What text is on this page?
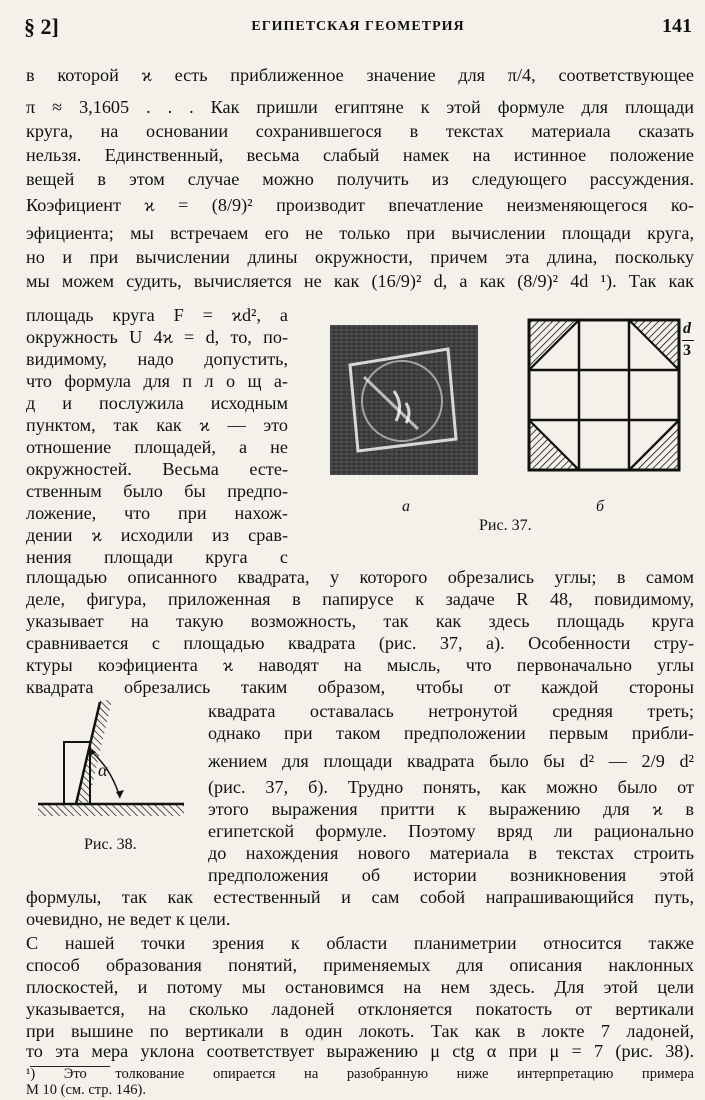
§ 2]	ЕГИПЕТСКАЯ ГЕОМЕТРИЯ	141
в которой ϰ есть приближенное значение для π/4, соответствующее
π ≈ 3,1605 . . . Как пришли египтяне к этой формуле для площади
круга, на основании сохранившегося в текстах материала сказать
нельзя. Единственный, весьма слабый намек на истинное положение
вещей в этом случае можно получить из следующего рассуждения.
Коэфициент ϰ = (8/9)² производит впечатление неизменяющегося ко-
эфициента; мы встречаем его не только при вычислении площади круга,
но и при вычислении длины окружности, причем эта длина, поскольку
мы можем судить, вычисляется не как (16/9)² d, а как (8/9)² 4d ¹). Так как
площадь круга F = ϰd², а
окружность U 4ϰ = d, то, по-
видимому, надо допустить,
что формула для п л о щ а-
д и послужила исходным
пунктом, так как ϰ — это
отношение площадей, а не
окружностей. Весьма есте-
ственным было бы предпо-
ложение, что при нахож-
дении ϰ исходили из срав-
нения площади круга с
а
d
3
б
Рис. 37.
площадью описанного квадрата, у которого обрезались углы; в самом
деле, фигура, приложенная в папирусе к задаче R 48, повидимому,
указывает на такую возможность, так как здесь площадь круга
сравнивается с площадью квадрата (рис. 37, а). Особенности стру-
ктуры коэфициента ϰ наводят на мысль, что первоначально углы
квадрата обрезались таким образом, чтобы от каждой стороны
α
Рис. 38.
квадрата оставалась нетронутой средняя треть;
однако при таком предположении первым прибли-
жением для площади квадрата было бы d² — 2/9 d²
(рис. 37, б). Трудно понять, как можно было от
этого выражения притти к выражению для ϰ в
египетской формуле. Поэтому вряд ли рационально
до нахождения нового материала в текстах строить
предположения об истории возникновения этой
формулы, так как естественный и сам собой напрашивающийся путь,
очевидно, не ведет к цели.
С нашей точки зрения к области планиметрии относится также
способ образования понятий, применяемых для описания наклонных
плоскостей, и потому мы остановимся на нем здесь. Для этой цели
указывается, на сколько ладоней отклоняется покатость от вертикали
при вышине по вертикали в один локоть. Так как в локте 7 ладоней,
то эта мера уклона соответствует выражению μ ctg α при μ = 7 (рис. 38).
¹) Это толкование опирается на разобранную ниже интерпретацию примера
M 10 (см. стр. 146).
